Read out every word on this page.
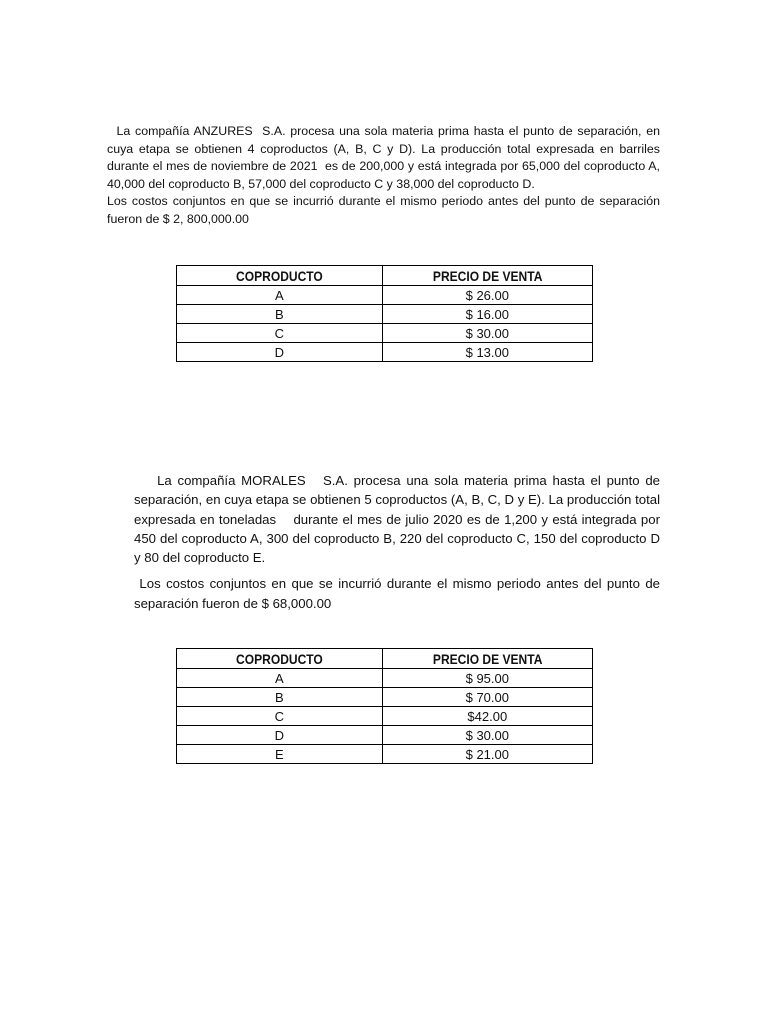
La compañía ANZURES  S.A. procesa una sola materia prima hasta el punto de separación, en cuya etapa se obtienen 4 coproductos (A, B, C y D). La producción total expresada en barriles   durante el mes de noviembre de 2021  es de 200,000 y está integrada por 65,000 del coproducto A, 40,000 del coproducto B, 57,000 del coproducto C y 38,000 del coproducto D.

Los costos conjuntos en que se incurrió durante el mismo periodo antes del punto de separación fueron de $ 2, 800,000.00

COPRODUCTO	PRECIO DE VENTA
A	$ 26.00
B	$ 16.00
C	$ 30.00
D	$ 13.00

La compañía MORALES   S.A. procesa una sola materia prima hasta el punto de separación, en cuya etapa se obtienen 5 coproductos (A, B, C, D y E). La producción total expresada en toneladas    durante el mes de julio 2020 es de 1,200 y está integrada por 450 del coproducto A, 300 del coproducto B, 220 del coproducto C, 150 del coproducto D y 80 del coproducto E.

Los costos conjuntos en que se incurrió durante el mismo periodo antes del punto de separación fueron de $ 68,000.00

COPRODUCTO	PRECIO DE VENTA
A	$ 95.00
B	$ 70.00
C	$42.00
D	$ 30.00
E	$ 21.00
